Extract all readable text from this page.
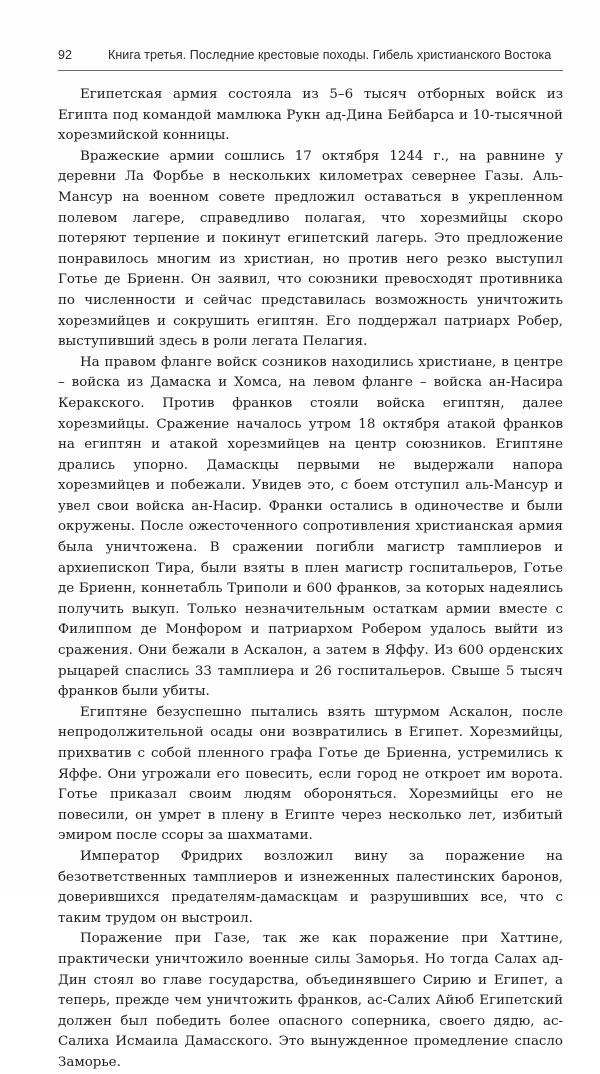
92	Книга третья. Последние крестовые походы. Гибель христианского Востока

Египетская армия состояла из 5–6 тысяч отборных войск из Египта под командой мамлюка Рукн ад-Дина Бейбарса и 10-тысячной хорезмийской конницы.

Вражеские армии сошлись 17 октября 1244 г., на равнине у деревни Ла Форбье в нескольких километрах севернее Газы. Аль-Мансур на военном совете предложил оставаться в укрепленном полевом лагере, справедливо полагая, что хорезмийцы скоро потеряют терпение и покинут египетский лагерь. Это предложение понравилось многим из христиан, но против него резко выступил Готье де Бриенн. Он заявил, что союзники превосходят противника по численности и сейчас представилась возможность уничтожить хорезмийцев и сокрушить египтян. Его поддержал патриарх Робер, выступивший здесь в роли легата Пелагия.

На правом фланге войск созников находились христиане, в центре – войска из Дамаска и Хомса, на левом фланге – войска ан-Насира Керакского. Против франков стояли войска египтян, далее хорезмийцы. Сражение началось утром 18 октября атакой франков на египтян и атакой хорезмийцев на центр союзников. Египтяне дрались упорно. Дамаскцы первыми не выдержали напора хорезмийцев и побежали. Увидев это, с боем отступил аль-Мансур и увел свои войска ан-Насир. Франки остались в одиночестве и были окружены. После ожесточенного сопротивления христианская армия была уничтожена. В сражении погибли магистр тамплиеров и архиепископ Тира, были взяты в плен магистр госпитальеров, Готье де Бриенн, коннетабль Триполи и 600 франков, за которых надеялись получить выкуп. Только незначительным остаткам армии вместе с Филиппом де Монфором и патриархом Робером удалось выйти из сражения. Они бежали в Аскалон, а затем в Яффу. Из 600 орденских рыцарей спаслись 33 тамплиера и 26 госпитальеров. Свыше 5 тысяч франков были убиты.

Египтяне безуспешно пытались взять штурмом Аскалон, после непродолжительной осады они возвратились в Египет. Хорезмийцы, прихватив с собой пленного графа Готье де Бриенна, устремились к Яффе. Они угрожали его повесить, если город не откроет им ворота. Готье приказал своим людям обороняться. Хорезмийцы его не повесили, он умрет в плену в Египте через несколько лет, избитый эмиром после ссоры за шахматами.

Император Фридрих возложил вину за поражение на безответственных тамплиеров и изнеженных палестинских баронов, доверившихся предателям-дамаскцам и разрушивших все, что с таким трудом он выстроил.

Поражение при Газе, так же как поражение при Хаттине, практически уничтожило военные силы Заморья. Но тогда Салах ад-Дин стоял во главе государства, объединявшего Сирию и Египет, а теперь, прежде чем уничтожить франков, ас-Салих Айюб Египетский должен был победить более опасного соперника, своего дядю, ас-Салиха Исмаила Дамасского. Это вынужденное промедление спасло Заморье.
